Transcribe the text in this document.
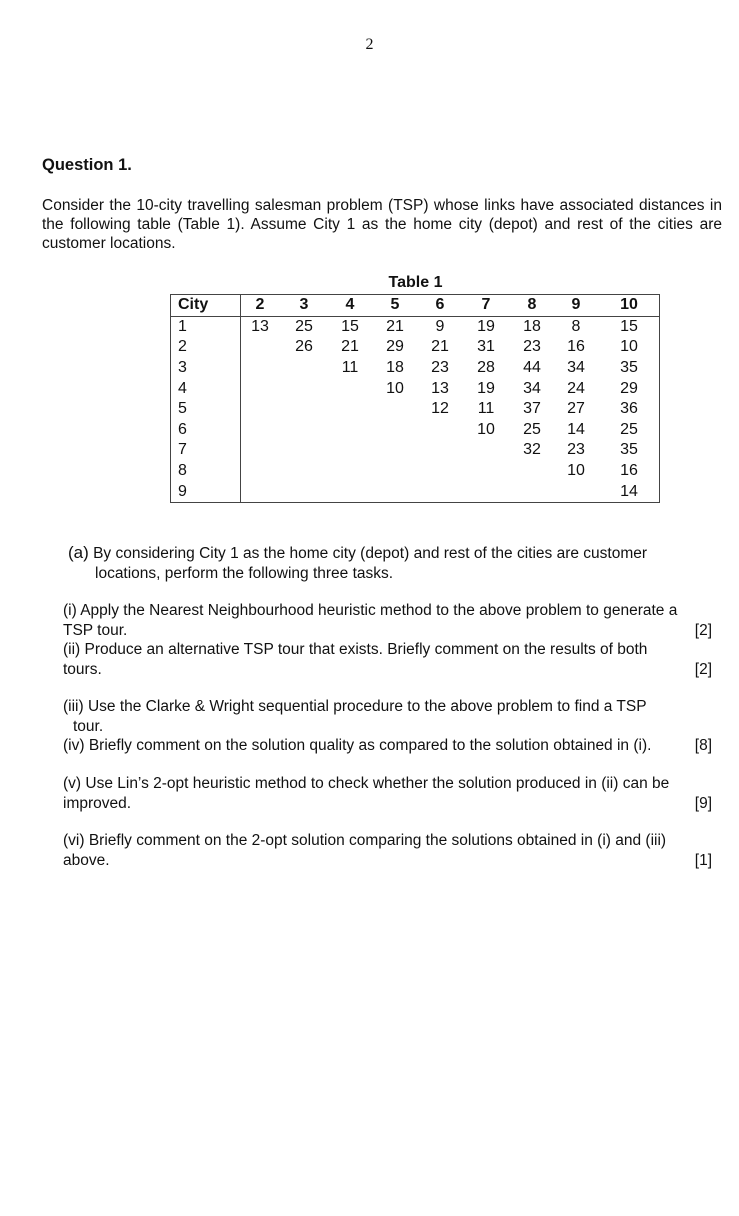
2
Question 1.
Consider the 10-city travelling salesman problem (TSP) whose links have associated distances in the following table (Table 1). Assume City 1 as the home city (depot) and rest of the cities are customer locations.
Table 1
City	2	3	4	5	6	7	8	9	10
1	13	25	15	21	9	19	18	8	15
2		26	21	29	21	31	23	16	10
3			11	18	23	28	44	34	35
4				10	13	19	34	24	29
5					12	11	37	27	36
6						10	25	14	25
7							32	23	35
8								10	16
9									14
(a) By considering City 1 as the home city (depot) and rest of the cities are customer
locations, perform the following three tasks.
(i) Apply the Nearest Neighbourhood heuristic method to the above problem to generate a
TSP tour.	[2]
(ii) Produce an alternative TSP tour that exists. Briefly comment on the results of both
tours.	[2]
(iii) Use the Clarke & Wright sequential procedure to the above problem to find a TSP
tour.
(iv) Briefly comment on the solution quality as compared to the solution obtained in (i).	[8]
(v) Use Lin’s 2-opt heuristic method to check whether the solution produced in (ii) can be
improved.	[9]
(vi) Briefly comment on the 2-opt solution comparing the solutions obtained in (i) and (iii)
above.	[1]
